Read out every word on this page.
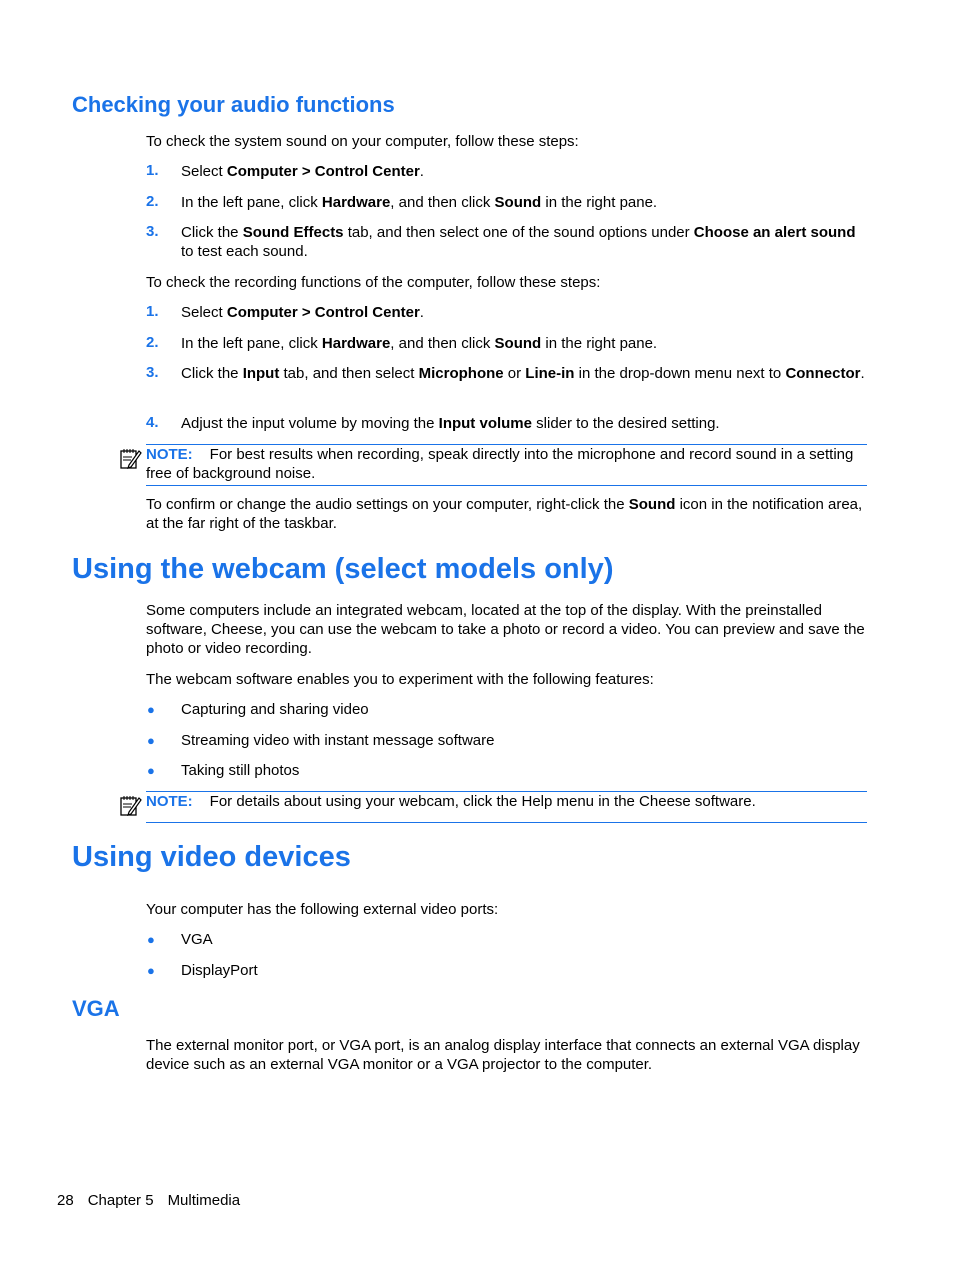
Checking your audio functions
To check the system sound on your computer, follow these steps:
1. Select Computer > Control Center.
2. In the left pane, click Hardware, and then click Sound in the right pane.
3. Click the Sound Effects tab, and then select one of the sound options under Choose an alert sound to test each sound.
To check the recording functions of the computer, follow these steps:
1. Select Computer > Control Center.
2. In the left pane, click Hardware, and then click Sound in the right pane.
3. Click the Input tab, and then select Microphone or Line-in in the drop-down menu next to Connector.
4. Adjust the input volume by moving the Input volume slider to the desired setting.
NOTE: For best results when recording, speak directly into the microphone and record sound in a setting free of background noise.
To confirm or change the audio settings on your computer, right-click the Sound icon in the notification area, at the far right of the taskbar.
Using the webcam (select models only)
Some computers include an integrated webcam, located at the top of the display. With the preinstalled software, Cheese, you can use the webcam to take a photo or record a video. You can preview and save the photo or video recording.
The webcam software enables you to experiment with the following features:
● Capturing and sharing video
● Streaming video with instant message software
● Taking still photos
NOTE: For details about using your webcam, click the Help menu in the Cheese software.
Using video devices
Your computer has the following external video ports:
● VGA
● DisplayPort
VGA
The external monitor port, or VGA port, is an analog display interface that connects an external VGA display device such as an external VGA monitor or a VGA projector to the computer.
28 Chapter 5 Multimedia
